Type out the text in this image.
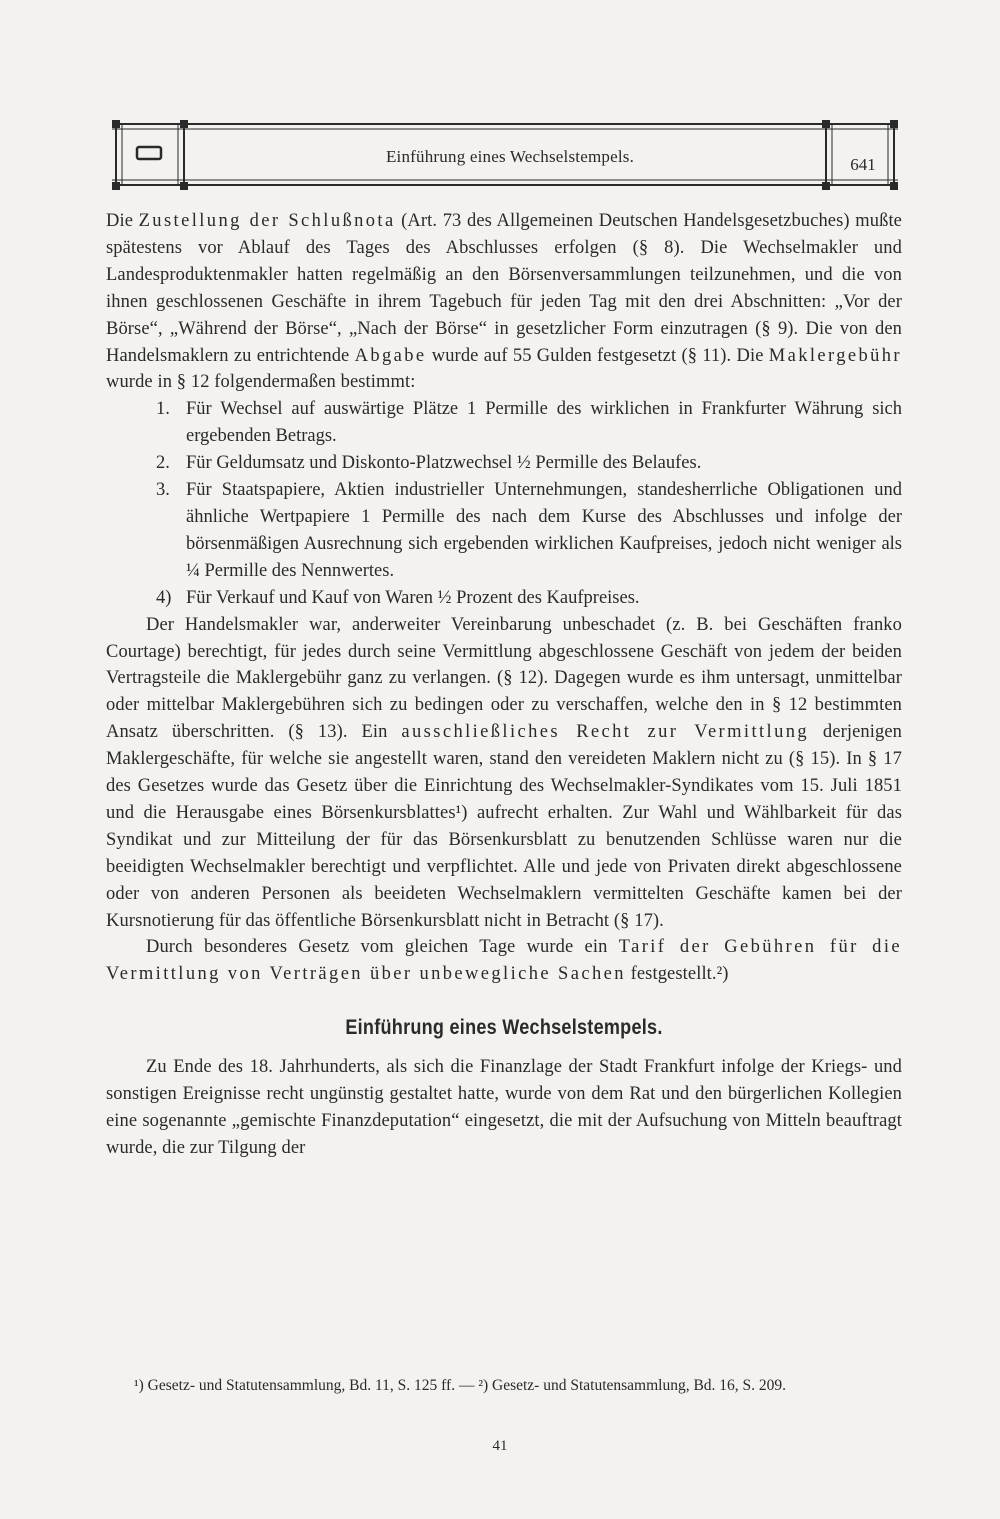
Einführung eines Wechselstempels.	641

Die Zustellung der Schlußnota (Art. 73 des Allgemeinen Deutschen Handelsgesetzbuches) mußte spätestens vor Ablauf des Tages des Abschlusses erfolgen (§ 8). Die Wechselmakler und Landesproduktenmakler hatten regelmäßig an den Börsenversammlungen teilzunehmen, und die von ihnen geschlossenen Geschäfte in ihrem Tagebuch für jeden Tag mit den drei Abschnitten: „Vor der Börse“, „Während der Börse“, „Nach der Börse“ in gesetzlicher Form einzutragen (§ 9). Die von den Handelsmaklern zu entrichtende Abgabe wurde auf 55 Gulden festgesetzt (§ 11). Die Maklergebühr wurde in § 12 folgendermaßen bestimmt:

1. Für Wechsel auf auswärtige Plätze 1 Permille des wirklichen in Frankfurter Währung sich ergebenden Betrags.
2. Für Geldumsatz und Diskonto-Platzwechsel ½ Permille des Belaufes.
3. Für Staatspapiere, Aktien industrieller Unternehmungen, standesherrliche Obligationen und ähnliche Wertpapiere 1 Permille des nach dem Kurse des Abschlusses und infolge der börsenmäßigen Ausrechnung sich ergebenden wirklichen Kaufpreises, jedoch nicht weniger als ¼ Permille des Nennwertes.
4) Für Verkauf und Kauf von Waren ½ Prozent des Kaufpreises.

Der Handelsmakler war, anderweiter Vereinbarung unbeschadet (z. B. bei Geschäften franko Courtage) berechtigt, für jedes durch seine Vermittlung abgeschlossene Geschäft von jedem der beiden Vertragsteile die Maklergebühr ganz zu verlangen. (§ 12). Dagegen wurde es ihm untersagt, unmittelbar oder mittelbar Maklergebühren sich zu bedingen oder zu verschaffen, welche den in § 12 bestimmten Ansatz überschritten. (§ 13). Ein ausschließliches Recht zur Vermittlung derjenigen Maklergeschäfte, für welche sie angestellt waren, stand den vereideten Maklern nicht zu (§ 15). In § 17 des Gesetzes wurde das Gesetz über die Einrichtung des Wechselmakler-Syndikates vom 15. Juli 1851 und die Herausgabe eines Börsenkursblattes¹) aufrecht erhalten. Zur Wahl und Wählbarkeit für das Syndikat und zur Mitteilung der für das Börsenkursblatt zu benutzenden Schlüsse waren nur die beeidigten Wechselmakler berechtigt und verpflichtet. Alle und jede von Privaten direkt abgeschlossene oder von anderen Personen als beeideten Wechselmaklern vermittelten Geschäfte kamen bei der Kursnotierung für das öffentliche Börsenkursblatt nicht in Betracht (§ 17).

Durch besonderes Gesetz vom gleichen Tage wurde ein Tarif der Gebühren für die Vermittlung von Verträgen über unbewegliche Sachen festgestellt.²)

Einführung eines Wechselstempels.

Zu Ende des 18. Jahrhunderts, als sich die Finanzlage der Stadt Frankfurt infolge der Kriegs- und sonstigen Ereignisse recht ungünstig gestaltet hatte, wurde von dem Rat und den bürgerlichen Kollegien eine sogenannte „gemischte Finanzdeputation“ eingesetzt, die mit der Aufsuchung von Mitteln beauftragt wurde, die zur Tilgung der

¹) Gesetz- und Statutensammlung, Bd. 11, S. 125 ff. — ²) Gesetz- und Statutensammlung, Bd. 16, S. 209.

41
